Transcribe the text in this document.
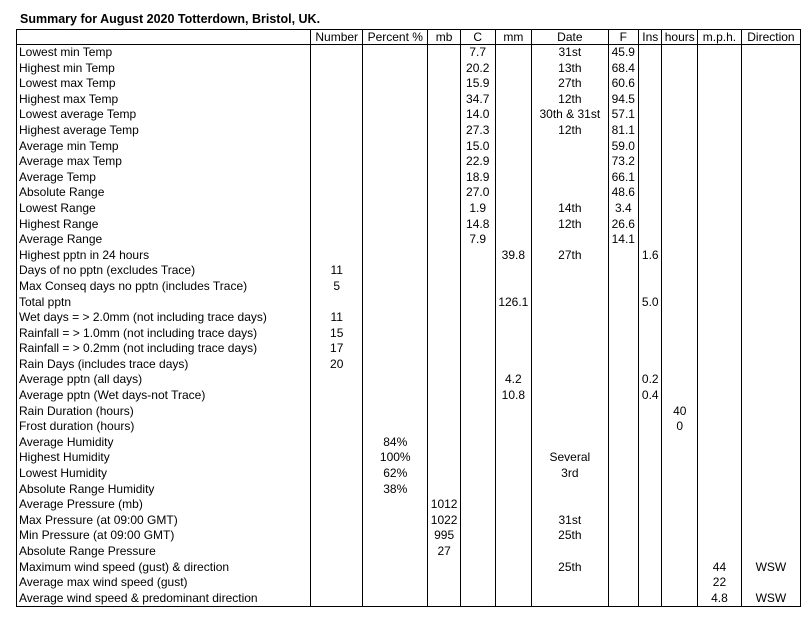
Summary for August 2020 Totterdown, Bristol, UK.
	Number	Percent %	mb	C	mm	Date	F	Ins	hours	m.p.h.	Direction
Lowest min Temp				7.7		31st	45.9				
Highest min Temp				20.2		13th	68.4				
Lowest max Temp				15.9		27th	60.6				
Highest max Temp				34.7		12th	94.5				
Lowest average Temp				14.0		30th & 31st	57.1				
Highest average Temp				27.3		12th	81.1				
Average min Temp				15.0			59.0				
Average max Temp				22.9			73.2				
Average Temp				18.9			66.1				
Absolute Range				27.0			48.6				
Lowest Range				1.9		14th	3.4				
Highest Range				14.8		12th	26.6				
Average Range				7.9			14.1				
Highest pptn in 24 hours					39.8	27th		1.6			
Days of no pptn (excludes Trace)	11										
Max Conseq days no pptn (includes Trace)	5										
Total pptn					126.1			5.0			
Wet days = > 2.0mm (not including trace days)	11										
Rainfall = > 1.0mm (not including trace days)	15										
Rainfall = > 0.2mm (not including trace days)	17										
Rain Days (includes trace days)	20										
Average pptn (all days)					4.2			0.2			
Average pptn (Wet days-not Trace)					10.8			0.4			
Rain Duration (hours)									40		
Frost duration (hours)									0		
Average Humidity		84%									
Highest Humidity		100%				Several					
Lowest Humidity		62%				3rd					
Absolute Range Humidity		38%									
Average Pressure (mb)			1012								
Max Pressure (at 09:00 GMT)			1022			31st					
Min Pressure (at 09:00 GMT)			995			25th					
Absolute Range Pressure			27								
Maximum wind speed (gust) & direction						25th				44	WSW
Average max wind speed (gust)										22	
Average wind speed & predominant direction										4.8	WSW
